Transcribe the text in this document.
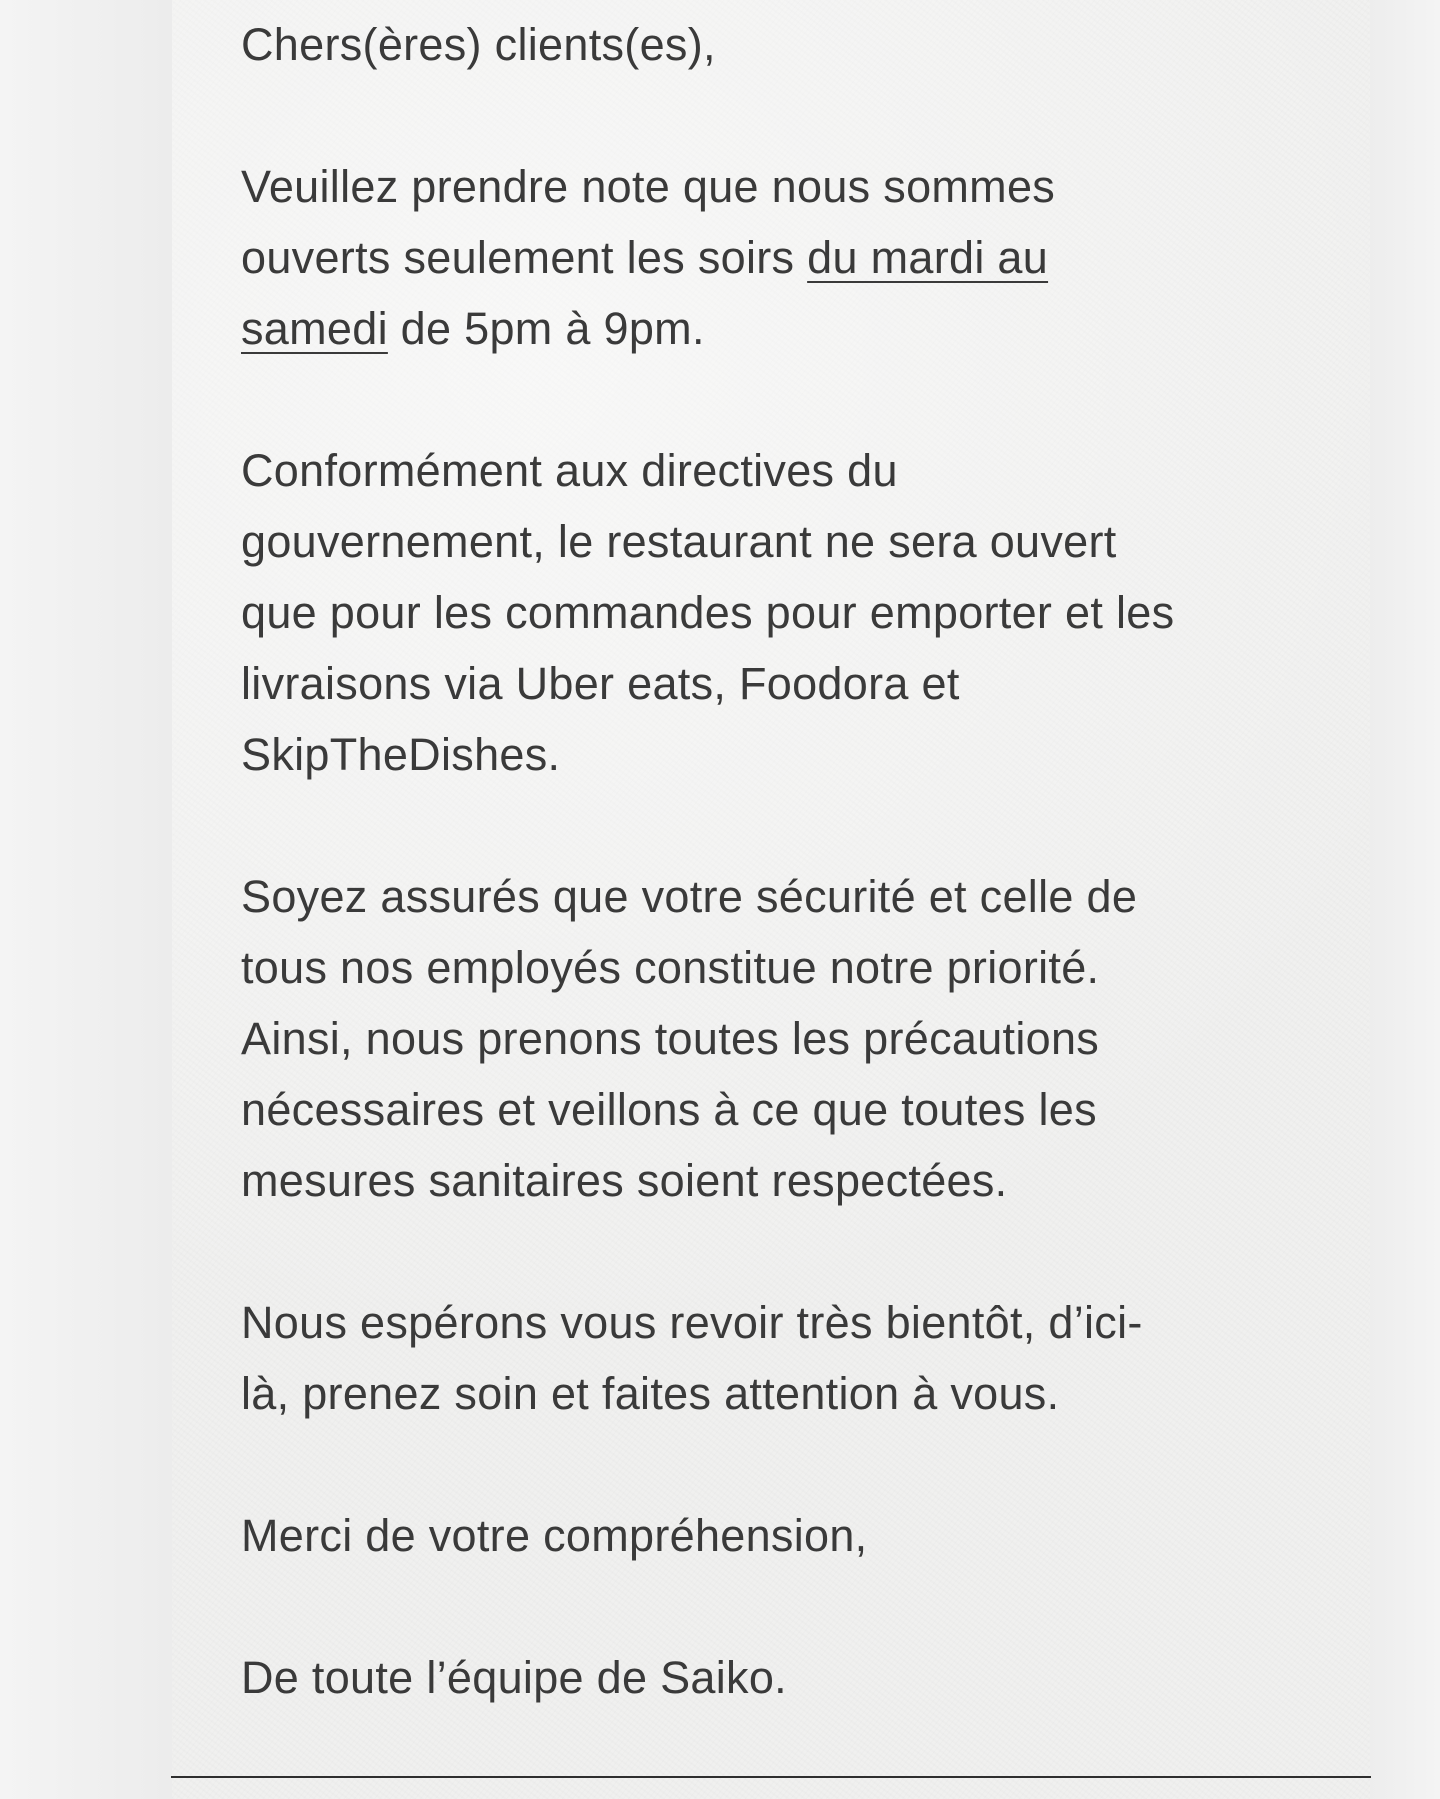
Chers(ères) clients(es),
Veuillez prendre note que nous sommes
ouverts seulement les soirs du mardi au
samedi de 5pm à 9pm.
Conformément aux directives du
gouvernement, le restaurant ne sera ouvert
que pour les commandes pour emporter et les
livraisons via Uber eats, Foodora et
SkipTheDishes.
Soyez assurés que votre sécurité et celle de
tous nos employés constitue notre priorité.
Ainsi, nous prenons toutes les précautions
nécessaires et veillons à ce que toutes les
mesures sanitaires soient respectées.
Nous espérons vous revoir très bientôt, d’ici-
là, prenez soin et faites attention à vous.
Merci de votre compréhension,
De toute l’équipe de Saiko.
